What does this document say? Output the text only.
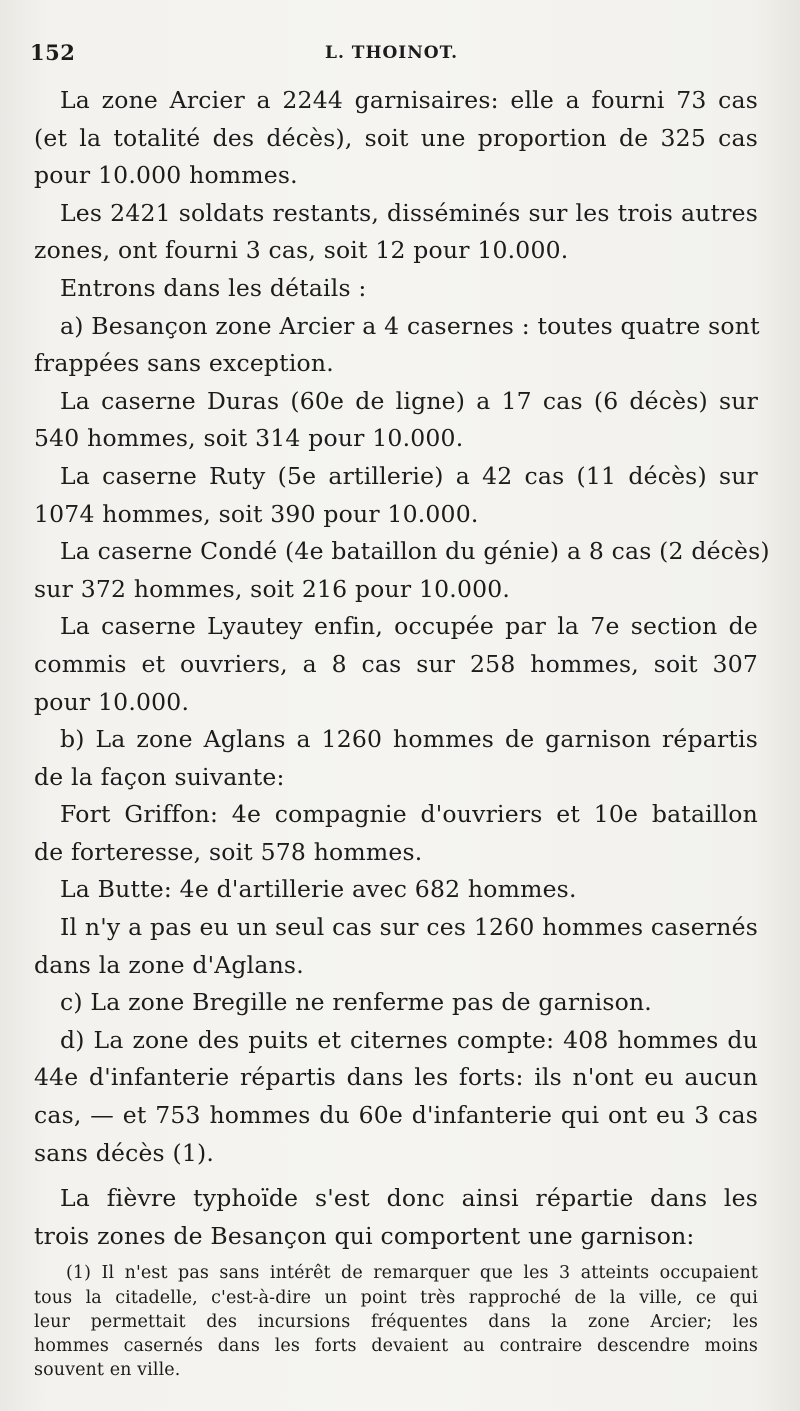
152	L. THOINOT.
La zone Arcier a 2244 garnisaires: elle a fourni 73 cas
(et la totalité des décès), soit une proportion de 325 cas
pour 10.000 hommes.
Les 2421 soldats restants, disséminés sur les trois autres
zones, ont fourni 3 cas, soit 12 pour 10.000.
Entrons dans les détails :
a) Besançon zone Arcier a 4 casernes : toutes quatre sont
frappées sans exception.
La caserne Duras (60e de ligne) a 17 cas (6 décès) sur
540 hommes, soit 314 pour 10.000.
La caserne Ruty (5e artillerie) a 42 cas (11 décès) sur
1074 hommes, soit 390 pour 10.000.
La caserne Condé (4e bataillon du génie) a 8 cas (2 décès)
sur 372 hommes, soit 216 pour 10.000.
La caserne Lyautey enfin, occupée par la 7e section de
commis et ouvriers, a 8 cas sur 258 hommes, soit 307
pour 10.000.
b) La zone Aglans a 1260 hommes de garnison répartis
de la façon suivante:
Fort Griffon: 4e compagnie d'ouvriers et 10e bataillon
de forteresse, soit 578 hommes.
La Butte: 4e d'artillerie avec 682 hommes.
Il n'y a pas eu un seul cas sur ces 1260 hommes casernés
dans la zone d'Aglans.
c) La zone Bregille ne renferme pas de garnison.
d) La zone des puits et citernes compte: 408 hommes du
44e d'infanterie répartis dans les forts: ils n'ont eu aucun
cas, — et 753 hommes du 60e d'infanterie qui ont eu 3 cas
sans décès (1).
La fièvre typhoïde s'est donc ainsi répartie dans les
trois zones de Besançon qui comportent une garnison:
(1) Il n'est pas sans intérêt de remarquer que les 3 atteints occupaient
tous la citadelle, c'est-à-dire un point très rapproché de la ville, ce qui
leur permettait des incursions fréquentes dans la zone Arcier; les
hommes casernés dans les forts devaient au contraire descendre moins
souvent en ville.
